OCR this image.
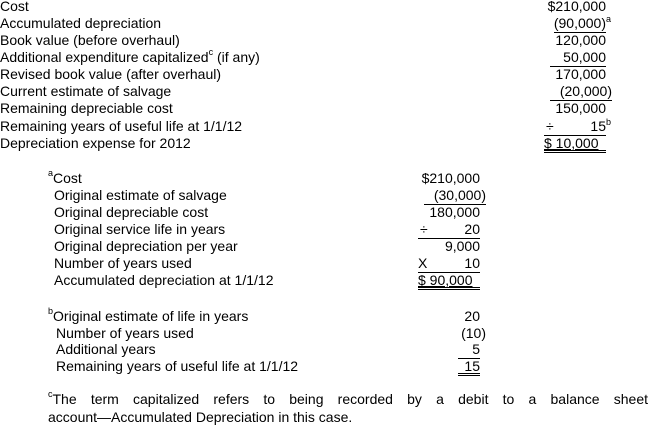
Cost	$210,000
Accumulated depreciation	(90,000) a
Book value (before overhaul)	120,000
Additional expenditure capitalized$^c$ (if any)	50,000
Revised book value (after overhaul)	170,000
Current estimate of salvage	(20,000)
Remaining depreciable cost	150,000
Remaining years of useful life at 1/1/12	÷	15 b
Depreciation expense for 2012	$ 10,000
$^a$Cost	$210,000
Original estimate of salvage	(30,000)
Original depreciable cost	180,000
Original service life in years	÷	20
Original depreciation per year	9,000
Number of years used	X	10
Accumulated depreciation at 1/1/12	$ 90,000
$^b$Original estimate of life in years	20
Number of years used	(10)
Additional years	5
Remaining years of useful life at 1/1/12	15
$^c$The term capitalized refers to being recorded by a debit to a balance sheet
account—Accumulated Depreciation in this case.
